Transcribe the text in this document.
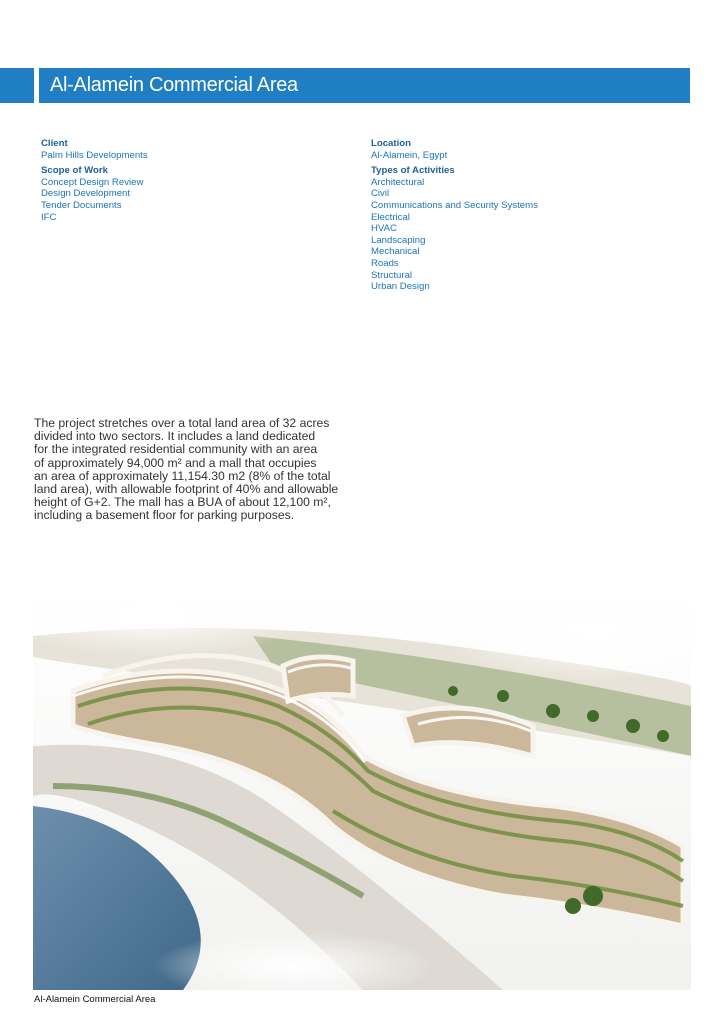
Al-Alamein Commercial Area
Client
Palm Hills Developments
Scope of Work
Concept Design Review
Design Development
Tender Documents
IFC
Location
Al-Alamein, Egypt
Types of Activities
Architectural
Civil
Communications and Security Systems
Electrical
HVAC
Landscaping
Mechanical
Roads
Structural
Urban Design

The project stretches over a total land area of 32 acres

divided into two sectors. It includes a land dedicated

for the integrated residential community with an area

of approximately 94,000 m² and a mall that occupies

an area of approximately 11,154.30 m2 (8% of the total

land area), with allowable footprint of 40% and allowable

height of G+2. The mall has a BUA of about 12,100 m²,

including a basement floor for parking purposes.

Al-Alamein Commercial Area
